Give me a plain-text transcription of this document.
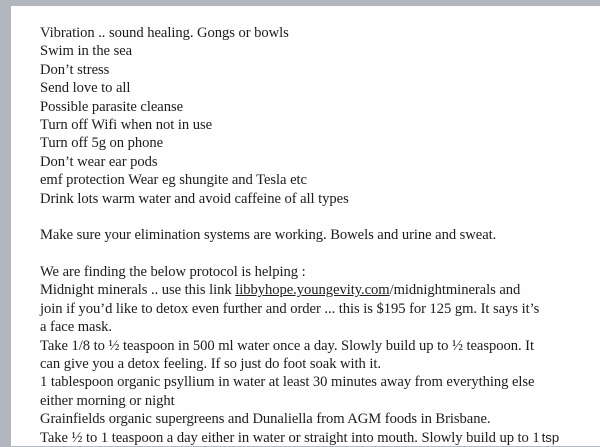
Vibration .. sound healing. Gongs or bowls
Swim in the sea
Don’t stress
Send love to all
Possible parasite cleanse
Turn off Wifi when not in use
Turn off 5g on phone
Don’t wear ear pods
emf protection Wear eg shungite and Tesla etc
Drink lots warm water and avoid caffeine of all types
Make sure your elimination systems are working. Bowels and urine and sweat.
We are finding the below protocol is helping :
Midnight minerals .. use this link libbyhope.youngevity.com/midnightminerals and
join if you’d like to detox even further and order ... this is $195 for 125 gm. It says it’s
a face mask.
Take 1/8 to ½ teaspoon in 500 ml water once a day. Slowly build up to ½ teaspoon. It
can give you a detox feeling. If so just do foot soak with it.
1 tablespoon organic psyllium in water at least 30 minutes away from everything else
either morning or night
Grainfields organic supergreens and Dunaliella from AGM foods in Brisbane.
Take ½ to 1 teaspoon a day either in water or straight into mouth. Slowly build up to 1 tsp
